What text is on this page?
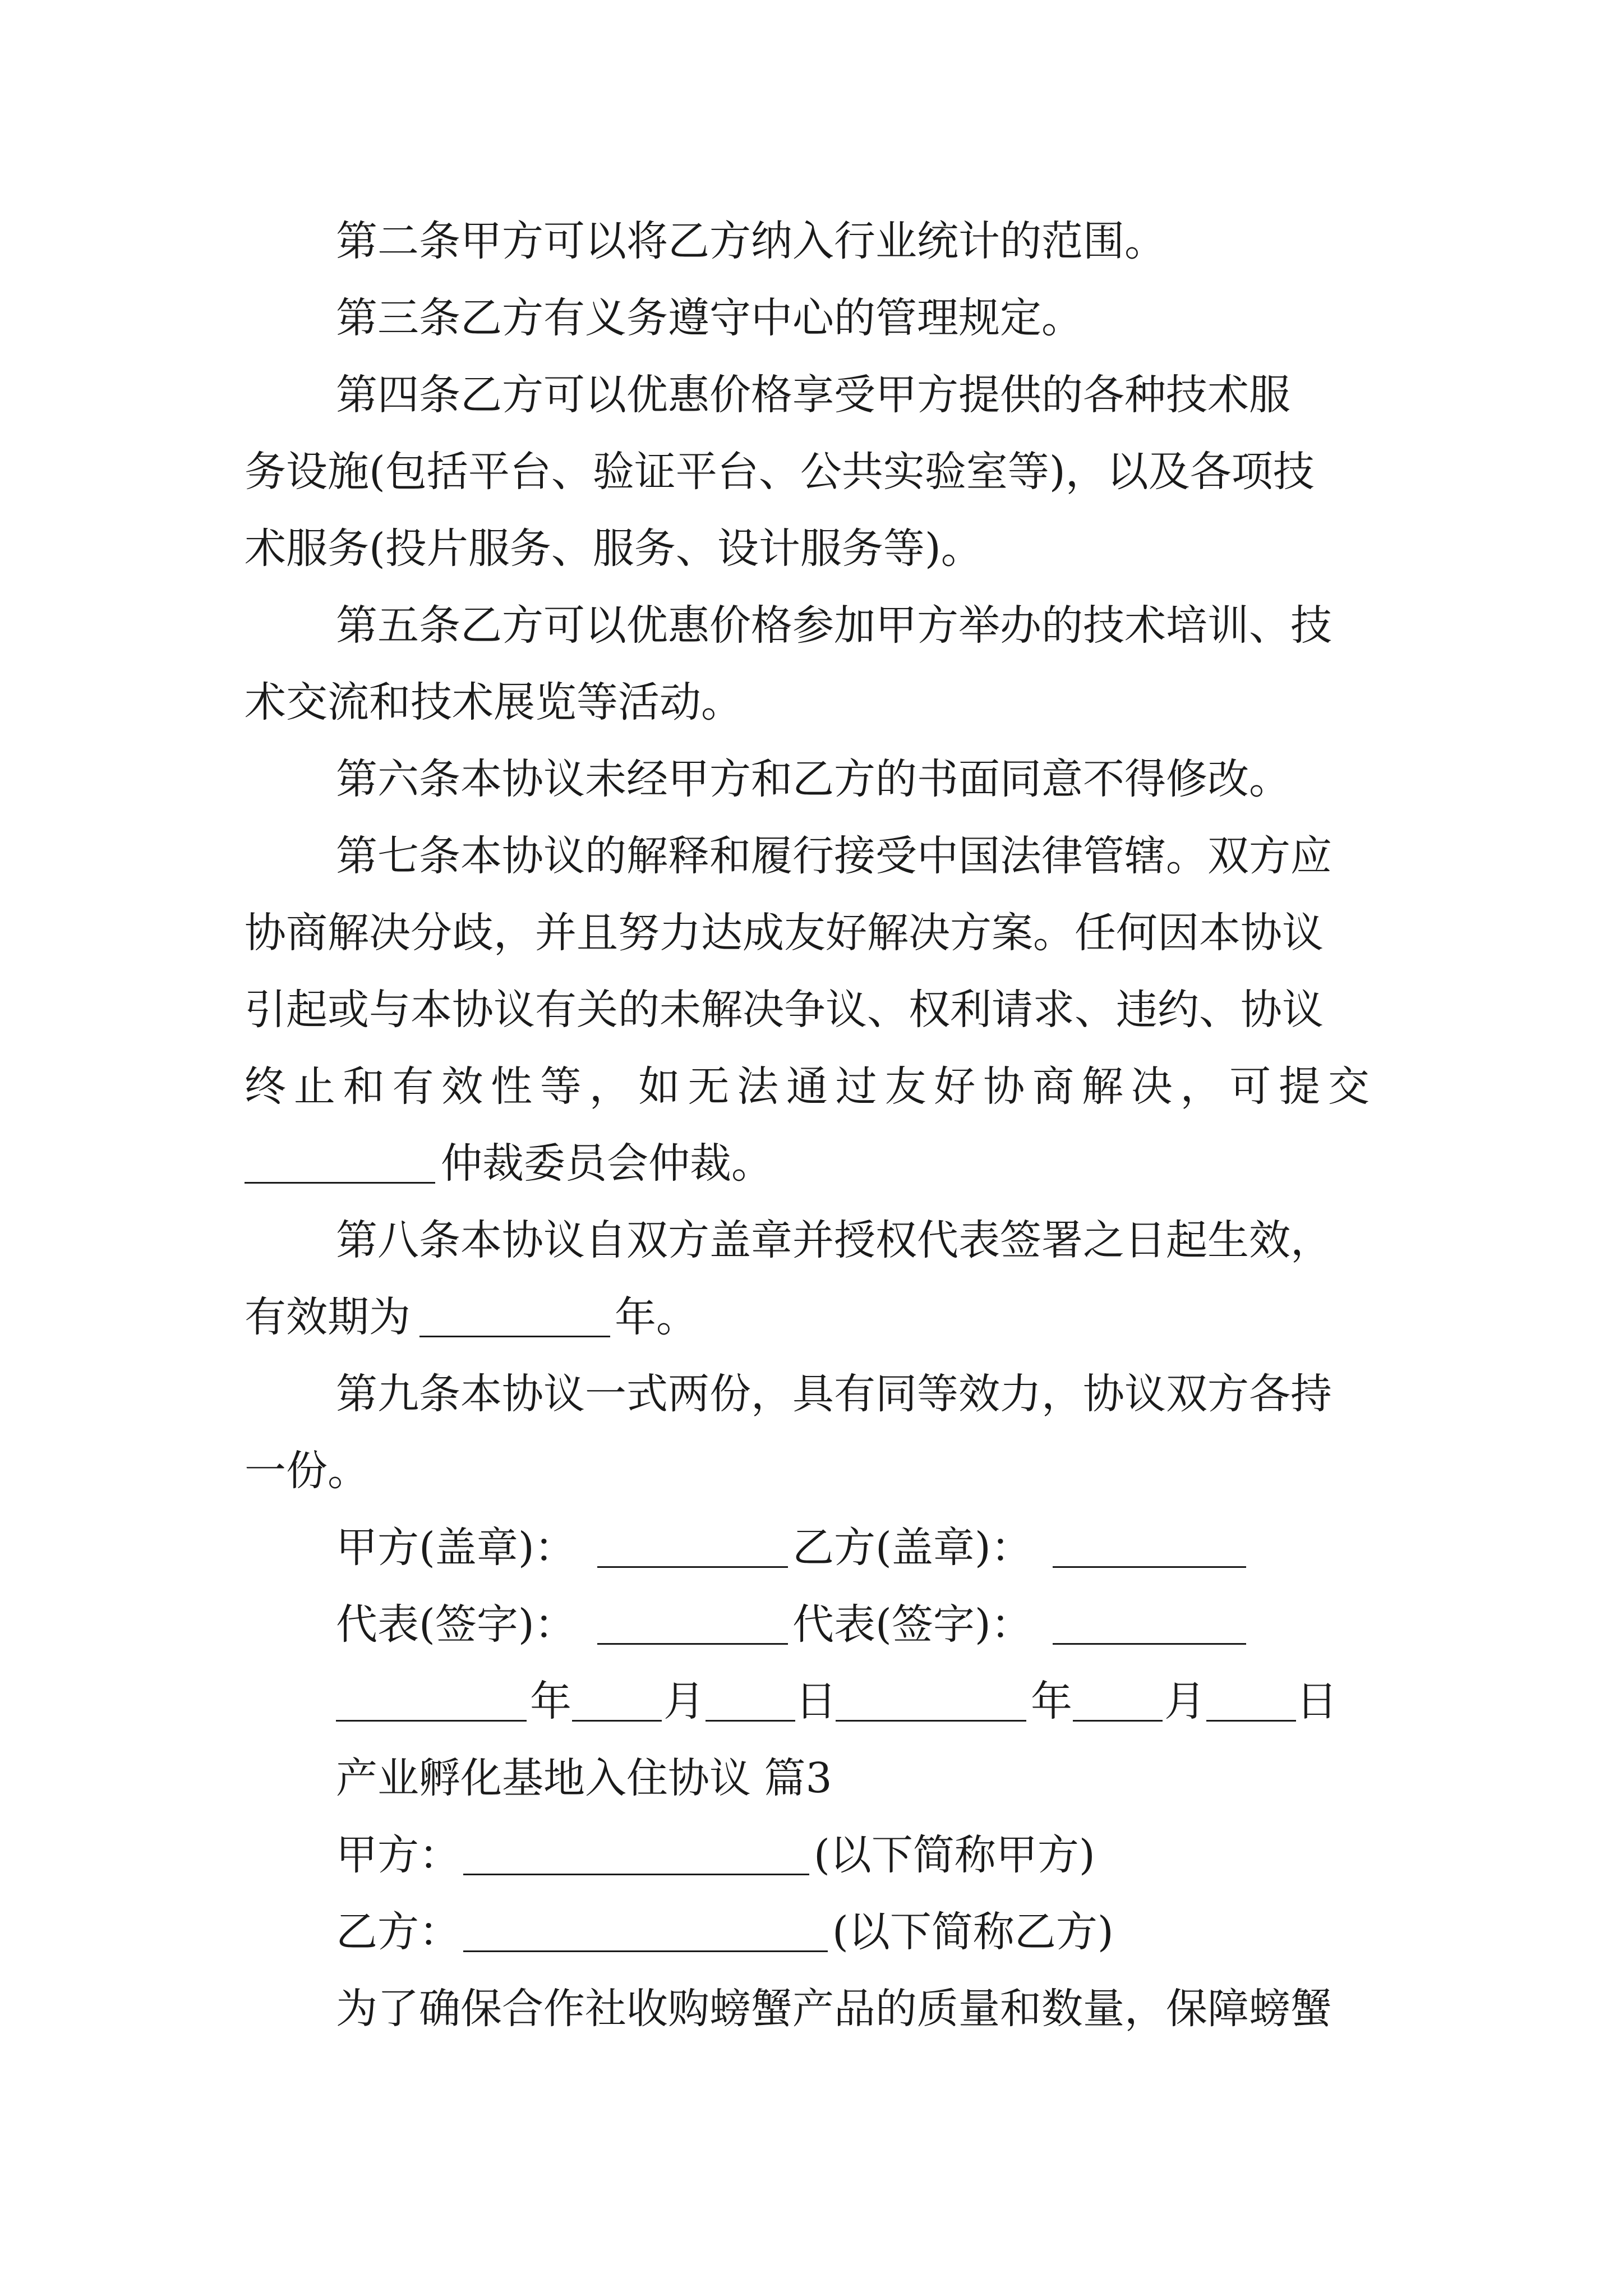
第二条甲方可以将乙方纳入行业统计的范围。
第三条乙方有义务遵守中心的管理规定。
第四条乙方可以优惠价格享受甲方提供的各种技术服
务设施(包括平台、验证平台、公共实验室等)，以及各项技
术服务(投片服务、服务、设计服务等)。
第五条乙方可以优惠价格参加甲方举办的技术培训、技
术交流和技术展览等活动。
第六条本协议未经甲方和乙方的书面同意不得修改。
第七条本协议的解释和履行接受中国法律管辖。双方应
协商解决分歧，并且努力达成友好解决方案。任何因本协议
引起或与本协议有关的未解决争议、权利请求、违约、协议
终 止 和 有 效 性 等 ， 如 无 法 通 过 友 好 协 商 解 决 ， 可 提 交
仲裁委员会仲裁。
第八条本协议自双方盖章并授权代表签署之日起生效，
有效期为	年。
第九条本协议一式两份，具有同等效力，协议双方各持
一份。
甲方(盖章)：	乙方(盖章)：
代表(签字)：	代表(签字)：
年 月 日	年 月 日
产业孵化基地入住协议 篇3
甲方：	(以下简称甲方)
乙方：	(以下简称乙方)
为了确保合作社收购螃蟹产品的质量和数量，保障螃蟹
